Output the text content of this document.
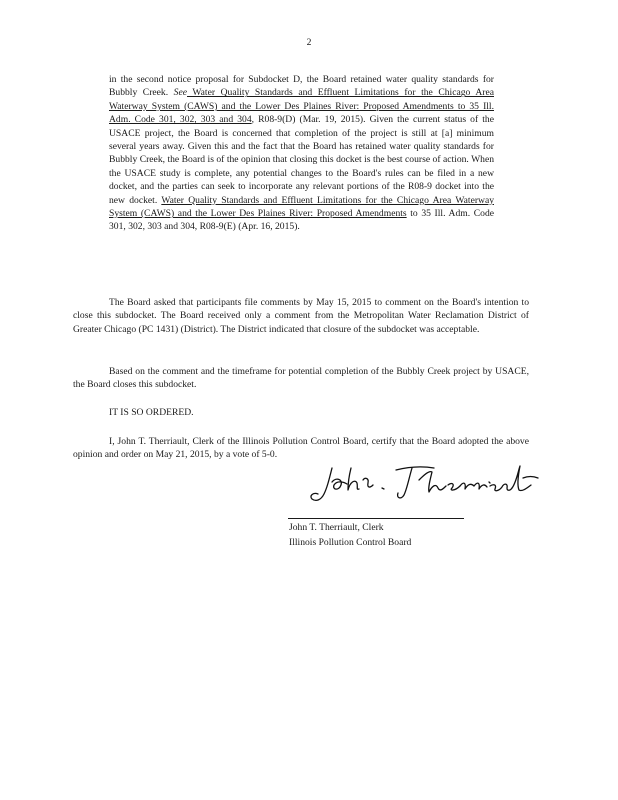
2
in the second notice proposal for Subdocket D, the Board retained water quality standards for Bubbly Creek. See Water Quality Standards and Effluent Limitations for the Chicago Area Waterway System (CAWS) and the Lower Des Plaines River: Proposed Amendments to 35 Ill. Adm. Code 301, 302, 303 and 304, R08-9(D) (Mar. 19, 2015). Given the current status of the USACE project, the Board is concerned that completion of the project is still at [a] minimum several years away. Given this and the fact that the Board has retained water quality standards for Bubbly Creek, the Board is of the opinion that closing this docket is the best course of action. When the USACE study is complete, any potential changes to the Board's rules can be filed in a new docket, and the parties can seek to incorporate any relevant portions of the R08-9 docket into the new docket. Water Quality Standards and Effluent Limitations for the Chicago Area Waterway System (CAWS) and the Lower Des Plaines River: Proposed Amendments to 35 Ill. Adm. Code 301, 302, 303 and 304, R08-9(E) (Apr. 16, 2015).
The Board asked that participants file comments by May 15, 2015 to comment on the Board's intention to close this subdocket. The Board received only a comment from the Metropolitan Water Reclamation District of Greater Chicago (PC 1431) (District). The District indicated that closure of the subdocket was acceptable.
Based on the comment and the timeframe for potential completion of the Bubbly Creek project by USACE, the Board closes this subdocket.
IT IS SO ORDERED.
I, John T. Therriault, Clerk of the Illinois Pollution Control Board, certify that the Board adopted the above opinion and order on May 21, 2015, by a vote of 5-0.
John T. Therriault, Clerk
Illinois Pollution Control Board
